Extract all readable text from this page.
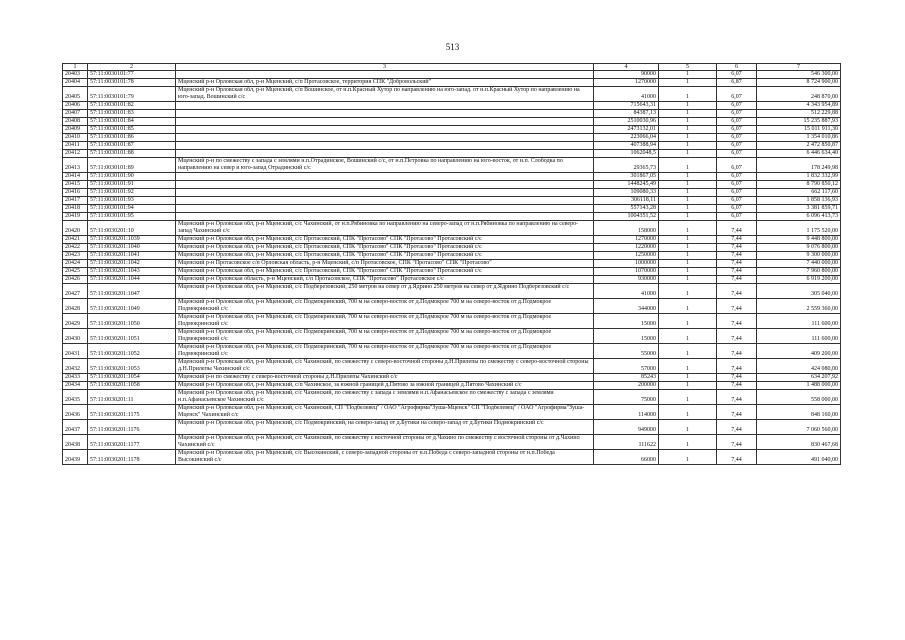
513
1	2	3	4	5	6	7
20403	57:11:0030101:77		90000	1	6,07	546 300,00
20404	57:11:0030101:78	Мценский р-н Орловская обл, р-н Мценский, с/п Протасовское, территория СПК "Добровольский"	1270000	1	6,87	8 724 900,00
20405	57:11:0030101:79	Мценский р-н Орловская обл, р-н Мценский, с/п Вошинское, от н.п.Красный Хутор по направлению на юго-запад. от н.п.Красный Хутор по направлению на юго-запад. Вошинский с/с	41000	1	6,07	248 870,00
20406	57:11:0030101:82		715643,31	1	6,07	4 343 954,89
20407	57:11:0030101:83		84387,13	1	6,07	512 229,88
20408	57:11:0030101:84		2510030,96	1	6,07	15 235 887,93
20409	57:11:0030101:85		2473132,01	1	6,07	15 011 911,30
20410	57:11:0030101:86		223066,04	1	6,07	1 354 010,86
20411	57:11:0030101:87		407388,94	1	6,07	2 472 850,87
20412	57:11:0030101:88		1062048,5	1	6,07	6 446 634,40
20413	57:11:0030101:89	Мценский р-н по смежеству с запада с землями н.п.Отрадинское, Вошинский с/с, от н.п.Петровка по направлению на юго-восток, от н.п. Слободка по направлению на север и юго-запад Отрадинский с/с	29365,73	1	6,07	178 249,98
20414	57:11:0030101:90		301867,05	1	6,07	1 832 332,99
20415	57:11:0030101:91		1448245,49	1	6,07	8 790 850,12
20416	57:11:0030101:92		109080,33	1	6,07	662 117,60
20417	57:11:0030101:93		306118,11	1	6,07	1 858 136,93
20418	57:11:0030101:94		557143,28	1	6,07	3 381 859,71
20419	57:11:0030101:95		1004351,52	1	6,07	6 096 413,73
20420	57:11:0030201:10	Мценский р-н Орловская обл, р-н Мценский, с/с Чахинский, от н.п.Рябиновка по направлению на северо-запад от н.п.Рябиновка по направлению на северо-запад Чахинский с/с	158000	1	7,44	1 175 520,00
20421	57:11:0030201:1039	Мценский р-н Орловская обл, р-н Мценский, с/с Протасовский, СПК "Протасово" СПК "Протасово" Протасовский с/с	1270000	1	7,44	9 448 800,00
20422	57:11:0030201:1040	Мценский р-н Орловская обл, р-н Мценский, с/с Протасовский, СПК "Протасово" СПК "Протасово" Протасовский с/с	1220000	1	7,44	9 076 800,00
20423	57:11:0030201:1041	Мценский р-н Орловская обл, р-н Мценский, с/с Протасовский, СПК "Протасово" СПК "Протасово" Протасовский с/с	1250000	1	7,44	9 300 000,00
20424	57:11:0030201:1042	Мценский р-н Протасовское с/п Орловская область, р-н Мценский, с/п Протасовское, СПК "Протасово" СПК "Протасово"	1000000	1	7,44	7 440 000,00
20425	57:11:0030201:1043	Мценский р-н Орловская обл, р-н Мценский, с/с Протасовский, СПК "Протасово" СПК "Протасово" Протасовский с/с	1070000	1	7,44	7 960 800,00
20426	57:11:0030201:1044	Мценский р-н Орловская область, р-н Мценский, с/п Протасовское, СПК "Протасово" Протасовское с/с	930000	1	7,44	6 919 200,00
20427	57:11:0030201:1047	Мценский р-н Орловская обл, р-н Мценский, с/с Подберезовский, 250 метров на север от д.Ядрино 250 метров на север от д.Ядрино Подберезовский с/с	41000	1	7,44	305 040,00
20428	57:11:0030201:1049	Мценский р-н Орловская обл, р-н Мценский, с/с Подмокринский, 700 м на северо-восток от д.Подмокрое 700 м на северо-восток от д.Подмокрое Подмокринский с/с	344000	1	7,44	2 559 360,00
20429	57:11:0030201:1050	Мценский р-н Орловская обл, р-н Мценский, с/с Подмокринский, 700 м на северо-восток от д.Подмокрое 700 м на северо-восток от д.Подмокрое Подмокринский с/с	15000	1	7,44	111 600,00
20430	57:11:0030201:1051	Мценский р-н Орловская обл, р-н Мценский, с/с Подмокринский, 700 м на северо-восток от д.Подмокрое 700 м на северо-восток от д.Подмокрое Подмокринский с/с	15000	1	7,44	111 600,00
20431	57:11:0030201:1052	Мценский р-н Орловская обл, р-н Мценский, с/с Подмокринский, 700 м на северо-восток от д.Подмокрое 700 м на северо-восток от д.Подмокрое Подмокринский с/с	55000	1	7,44	409 200,00
20432	57:11:0030201:1053	Мценский р-н Орловская обл, р-н Мценский, с/с Чахинский, по смежеству с северо-восточной стороны д.Н.Прилепы по смежеству с северо-восточной стороны д.Н.Прилепы Чахинский с/с	57000	1	7,44	424 080,00
20433	57:11:0030201:1054	Мценский р-н по смежеству с северо-восточной стороны д.Н.Прилепы Чахинский с/с	85243	1	7,44	634 207,92
20434	57:11:0030201:1058	Мценский р-н Орловская обл, р-н Мценский, с/п Чахинское, за южной границей д.Пятово за южной границей д.Пятово Чахинский с/с	200000	1	7,44	1 488 000,00
20435	57:11:0030201:11	Мценский р-н Орловская обл, р-н Мценский, с/с Чахинский, по смежеству с запада с землями н.п.Афанасьевское по смежеству с запада с землями н.п.Афанасьевское Чахинский с/с	75000	1	7,44	558 000,00
20436	57:11:0030201:1175	Мценский р-н Орловская обл, р-н Мценский, с/с Чахинский, СП "Подбелевец" / ОАО "Агрофирма"Зуша-Мценск" СП "Подбелевец" / ОАО "Агрофирма"Зуша-Мценск" Чахинский с/с	114000	1	7,44	848 160,00
20437	57:11:0030201:1176	Мценский р-н Орловская обл, р-н Мценский, с/с Подмокринский, на северо-запад от д.Бутики на северо-запад от д.Бутики Подмокринский с/с	949000	1	7,44	7 060 560,00
20438	57:11:0030201:1177	Мценский р-н Орловская обл, р-н Мценский, с/с Чахинский, по смежеству с восточной стороны от д.Чахино по смежеству с восточной стороны от д.Чахино Чахинский с/с	111622	1	7,44	830 467,68
20439	57:11:0030201:1178	Мценский р-н Орловская обл, р-н Мценский, с/с Высокинский, с северо-западной стороны от н.п.Победа с северо-западной стороны от н.п.Победа Высокинский с/с	66000	1	7,44	491 040,00
